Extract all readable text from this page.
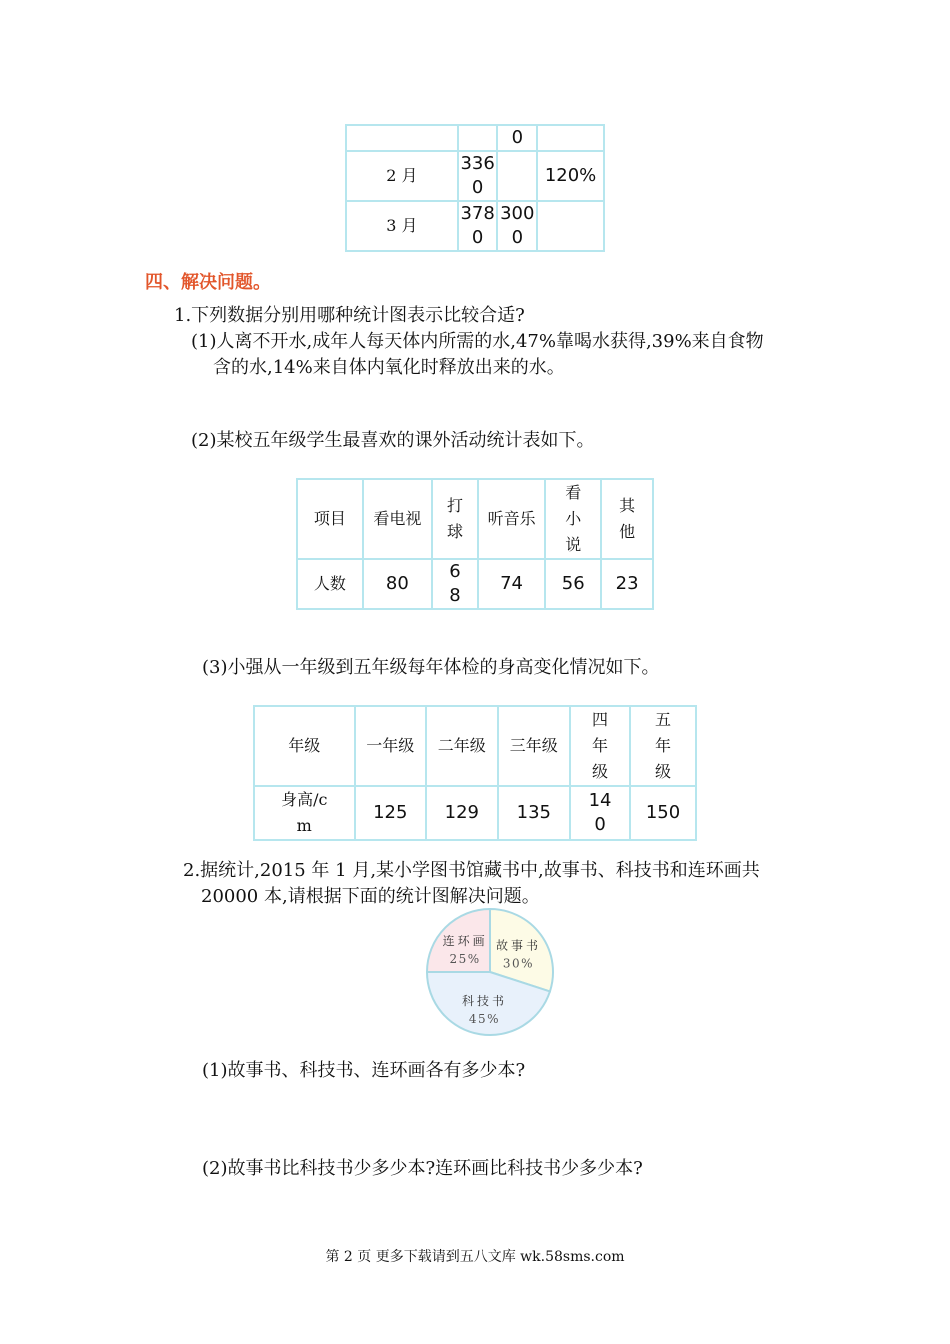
		0	
2 月	3360		120%
3 月	3780	3000	
四、解决问题。
1.下列数据分别用哪种统计图表示比较合适?
(1)人离不开水,成年人每天体内所需的水,47%靠喝水获得,39%来自食物
含的水,14%来自体内氧化时释放出来的水。
(2)某校五年级学生最喜欢的课外活动统计表如下。
项目	看电视	打球	听音乐	看小说	其他
人数	80	68	74	56	23
(3)小强从一年级到五年级每年体检的身高变化情况如下。
年级	一年级	二年级	三年级	四年级	五年级
身高/cm	125	129	135	140	150
2.据统计,2015 年 1 月,某小学图书馆藏书中,故事书、科技书和连环画共
20000 本,请根据下面的统计图解决问题。
故事书
30%
科技书
45%
连环画
25%
(1)故事书、科技书、连环画各有多少本?
(2)故事书比科技书少多少本?连环画比科技书少多少本?
第 2 页 更多下载请到五八文库 wk.58sms.com
